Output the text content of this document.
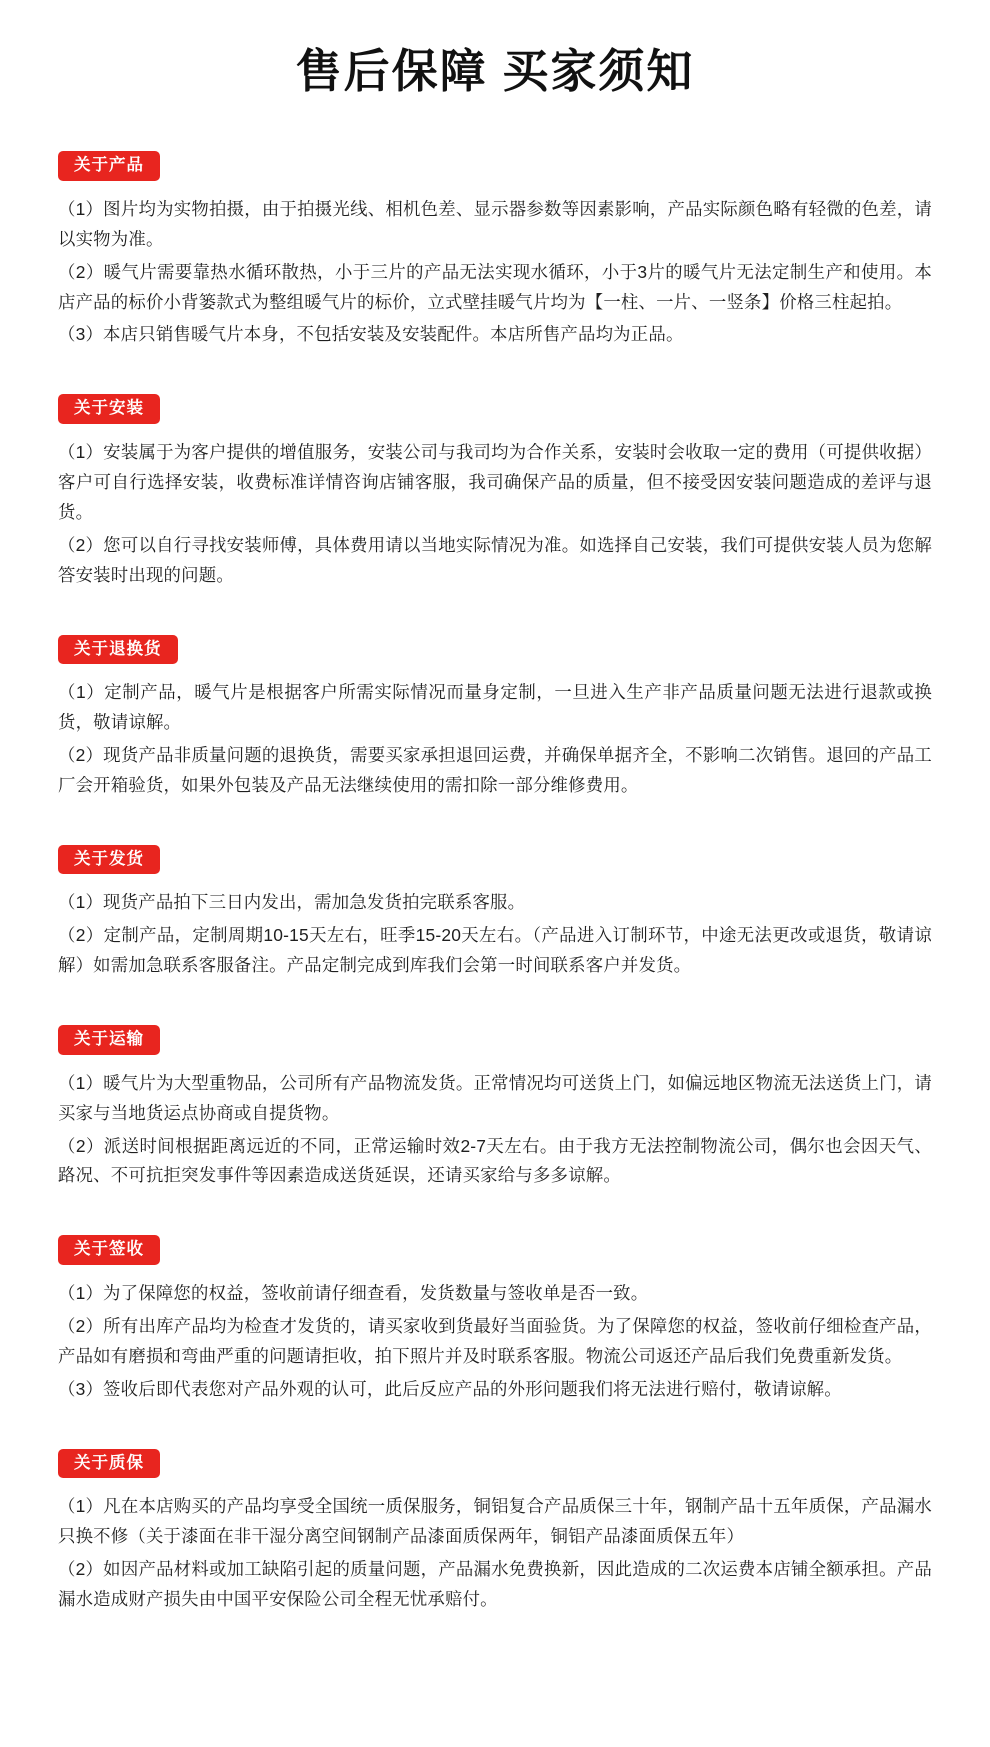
售后保障 买家须知
关于产品

（1）图片均为实物拍摄，由于拍摄光线、相机色差、显示器参数等因素影响，产品实际颜色略有轻微的色差，请以实物为准。

（2）暖气片需要靠热水循环散热，小于三片的产品无法实现水循环，小于3片的暖气片无法定制生产和使用。本店产品的标价小背篓款式为整组暖气片的标价，立式壁挂暖气片均为【一柱、一片、一竖条】价格三柱起拍。

（3）本店只销售暖气片本身，不包括安装及安装配件。本店所售产品均为正品。

关于安装

（1）安装属于为客户提供的增值服务，安装公司与我司均为合作关系，安装时会收取一定的费用（可提供收据）客户可自行选择安装，收费标准详情咨询店铺客服，我司确保产品的质量，但不接受因安装问题造成的差评与退货。

（2）您可以自行寻找安装师傅，具体费用请以当地实际情况为准。如选择自己安装，我们可提供安装人员为您解答安装时出现的问题。

关于退换货

（1）定制产品，暖气片是根据客户所需实际情况而量身定制，一旦进入生产非产品质量问题无法进行退款或换货，敬请谅解。

（2）现货产品非质量问题的退换货，需要买家承担退回运费，并确保单据齐全，不影响二次销售。退回的产品工厂会开箱验货，如果外包装及产品无法继续使用的需扣除一部分维修费用。

关于发货

（1）现货产品拍下三日内发出，需加急发货拍完联系客服。

（2）定制产品，定制周期10-15天左右，旺季15-20天左右。（产品进入订制环节，中途无法更改或退货，敬请谅解）如需加急联系客服备注。产品定制完成到库我们会第一时间联系客户并发货。

关于运输

（1）暖气片为大型重物品，公司所有产品物流发货。正常情况均可送货上门，如偏远地区物流无法送货上门，请买家与当地货运点协商或自提货物。

（2）派送时间根据距离远近的不同，正常运输时效2-7天左右。由于我方无法控制物流公司，偶尔也会因天气、路况、不可抗拒突发事件等因素造成送货延误，还请买家给与多多谅解。

关于签收

（1）为了保障您的权益，签收前请仔细查看，发货数量与签收单是否一致。

（2）所有出库产品均为检查才发货的，请买家收到货最好当面验货。为了保障您的权益，签收前仔细检查产品，产品如有磨损和弯曲严重的问题请拒收，拍下照片并及时联系客服。物流公司返还产品后我们免费重新发货。

（3）签收后即代表您对产品外观的认可，此后反应产品的外形问题我们将无法进行赔付，敬请谅解。

关于质保

（1）凡在本店购买的产品均享受全国统一质保服务，铜铝复合产品质保三十年，钢制产品十五年质保，产品漏水只换不修（关于漆面在非干湿分离空间钢制产品漆面质保两年，铜铝产品漆面质保五年）

（2）如因产品材料或加工缺陷引起的质量问题，产品漏水免费换新，因此造成的二次运费本店铺全额承担。产品漏水造成财产损失由中国平安保险公司全程无忧承赔付。
